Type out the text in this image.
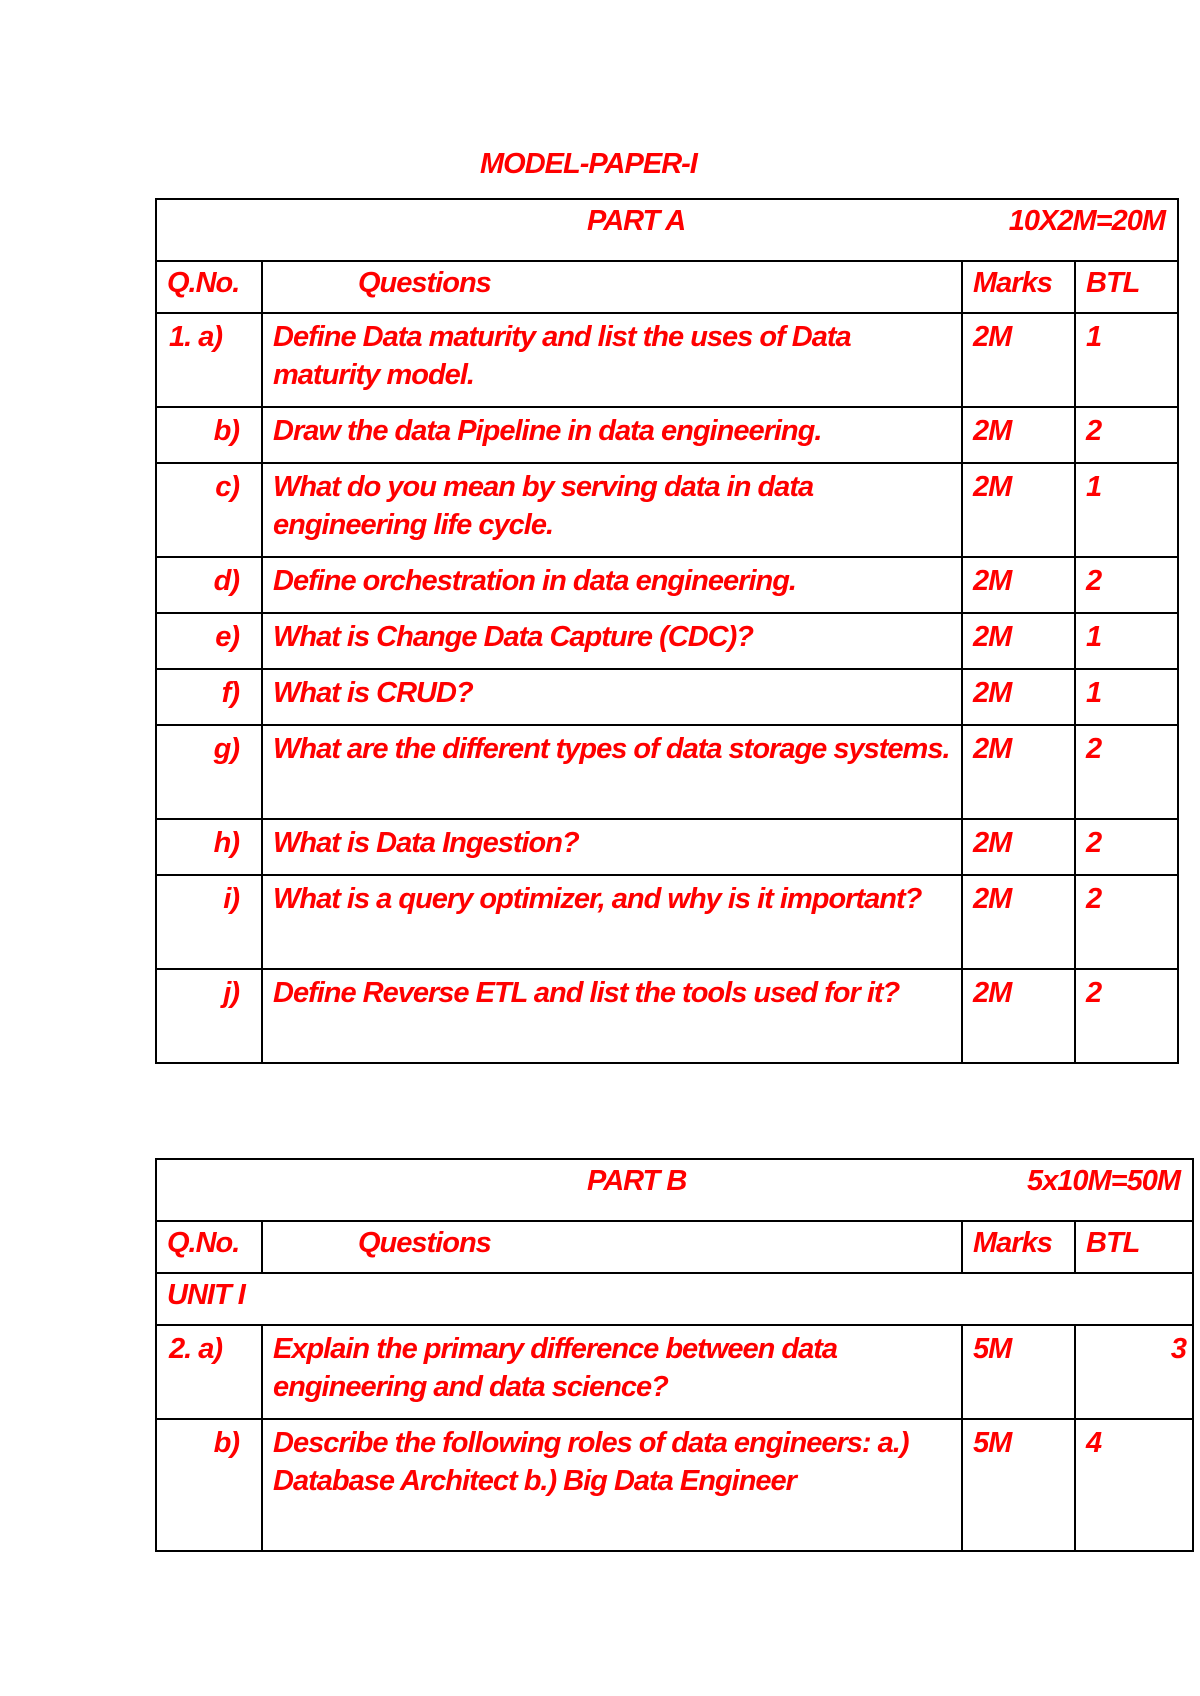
MODEL-PAPER-I
PART A 10X2M=20M			

Q.No.	Questions	Marks	BTL
1. a)	Define Data maturity and list the uses of Data maturity model.	2M	1
b)	Draw the data Pipeline in data engineering.	2M	2
c)	What do you mean by serving data in data engineering life cycle.	2M	1
d)	Define orchestration in data engineering.	2M	2
e)	What is Change Data Capture (CDC)?	2M	1
f)	What is CRUD?	2M	1
g)	What are the different types of data storage systems.	2M	2
h)	What is Data Ingestion?	2M	2
i)	What is a query optimizer, and why is it important?	2M	2
j)	Define Reverse ETL and list the tools used for it?	2M	2
PART B 5x10M=50M			

Q.No.	Questions	Marks	BTL
UNIT I			
2. a)	Explain the primary difference between data engineering and data science?	5M	3
b)	Describe the following roles of data engineers: a.) Database Architect b.) Big Data Engineer	5M	4
